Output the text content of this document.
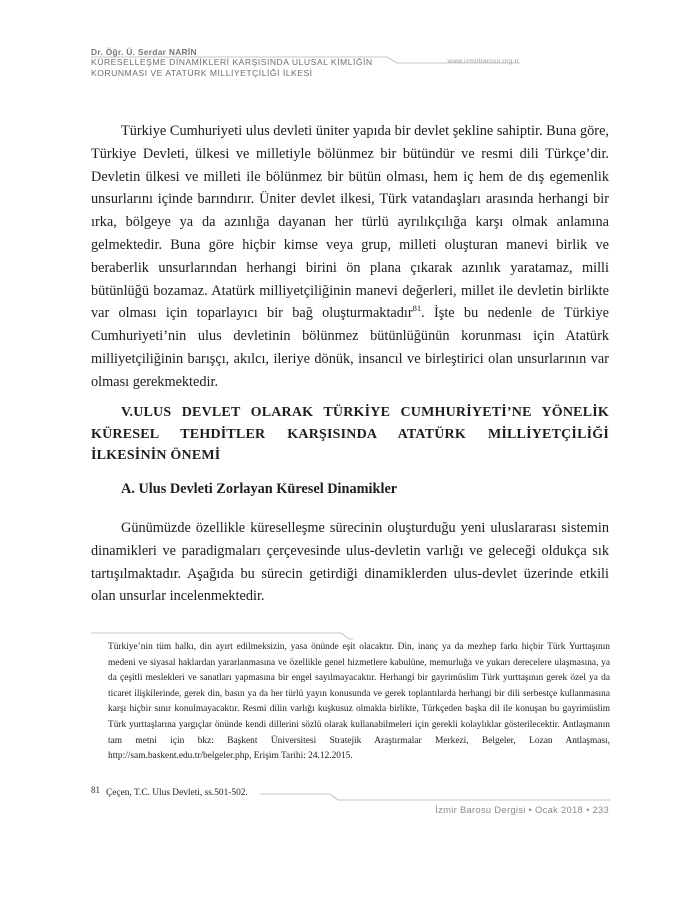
Dr. Öğr. Ü. Serdar NARİN
KÜRESELLEŞME DİNAMİKLERİ KARŞISINDA ULUSAL KİMLİĞİN
KORUNMASI VE ATATÜRK MİLLİYETÇİLİĞİ İLKESİ
www.izmirbarosu.org.tr

Türkiye Cumhuriyeti ulus devleti üniter yapıda bir devlet şekline sahiptir. Buna göre, Türkiye Devleti, ülkesi ve milletiyle bölünmez bir bütündür ve resmi dili Türkçe’dir. Devletin ülkesi ve milleti ile bölünmez bir bütün olması, hem iç hem de dış egemenlik unsurlarını içinde barındırır. Üniter devlet ilkesi, Türk vatandaşları arasında herhangi bir ırka, bölgeye ya da azınlığa dayanan her türlü ayrılıkçılığa karşı olmak anlamına gelmektedir. Buna göre hiçbir kimse veya grup, milleti oluşturan manevi birlik ve beraberlik unsurlarından herhangi birini ön plana çıkarak azınlık yaratamaz, milli bütünlüğü bozamaz. Atatürk milliyetçiliğinin manevi değerleri, millet ile devletin birlikte var olması için toparlayıcı bir bağ oluşturmaktadır$^{81}$. İşte bu nedenle de Türkiye Cumhuriyeti’nin ulus devletinin bölünmez bütünlüğünün korunması için Atatürk milliyetçiliğinin barışçı, akılcı, ileriye dönük, insancıl ve birleştirici olan unsurlarının var olması gerekmektedir.

V.ULUS DEVLET OLARAK TÜRKİYE CUMHURİYETİ’NE YÖNELİK KÜRESEL TEHDİTLER KARŞISINDA ATATÜRK MİLLİYETÇİLİĞİ İLKESİNİN ÖNEMİ
A. Ulus Devleti Zorlayan Küresel Dinamikler

Günümüzde özellikle küreselleşme sürecinin oluşturduğu yeni uluslararası sistemin dinamikleri ve paradigmaları çerçevesinde ulus-devletin varlığı ve geleceği oldukça sık tartışılmaktadır. Aşağıda bu sürecin getirdiği dinamiklerden ulus-devlet üzerinde etkili olan unsurlar incelenmektedir.

Türkiye’nin tüm halkı, din ayırt edilmeksizin, yasa önünde eşit olacaktır. Din, inanç ya da mezhep farkı hiçbir Türk Yurttaşının medeni ve siyasal haklardan yararlanmasına ve özellikle genel hizmetlere kabulüne, memurluğa ve yukarı derecelere ulaşmasına, ya da çeşitli meslekleri ve sanatları yapmasına bir engel sayılmayacaktır. Herhangi bir gayrimüslim Türk yurttaşının gerek özel ya da ticaret ilişkilerinde, gerek din, basın ya da her türlü yayın konusunda ve gerek toplantılarda herhangi bir dili serbestçe kullanmasına karşı hiçbir sınır konulmayacaktır. Resmi dilin varlığı kuşkusuz olmakla birlikte, Türkçeden başka dil ile konuşan bu gayrimüslim Türk yurttaşlarına yargıçlar önünde kendi dillerini sözlü olarak kullanabilmeleri için gerekli kolaylıklar gösterilecektir. Antlaşmanın tam metni için bkz: Başkent Üniversitesi Stratejik Araştırmalar Merkezi, Belgeler, Lozan Antlaşması, http://sam.baskent.edu.tr/belgeler.php, Erişim Tarihi: 24.12.2015.
$^{81}$ Çeçen, T.C. Ulus Devleti, ss.501-502.
İzmir Barosu Dergisi • Ocak 2018 • 233
